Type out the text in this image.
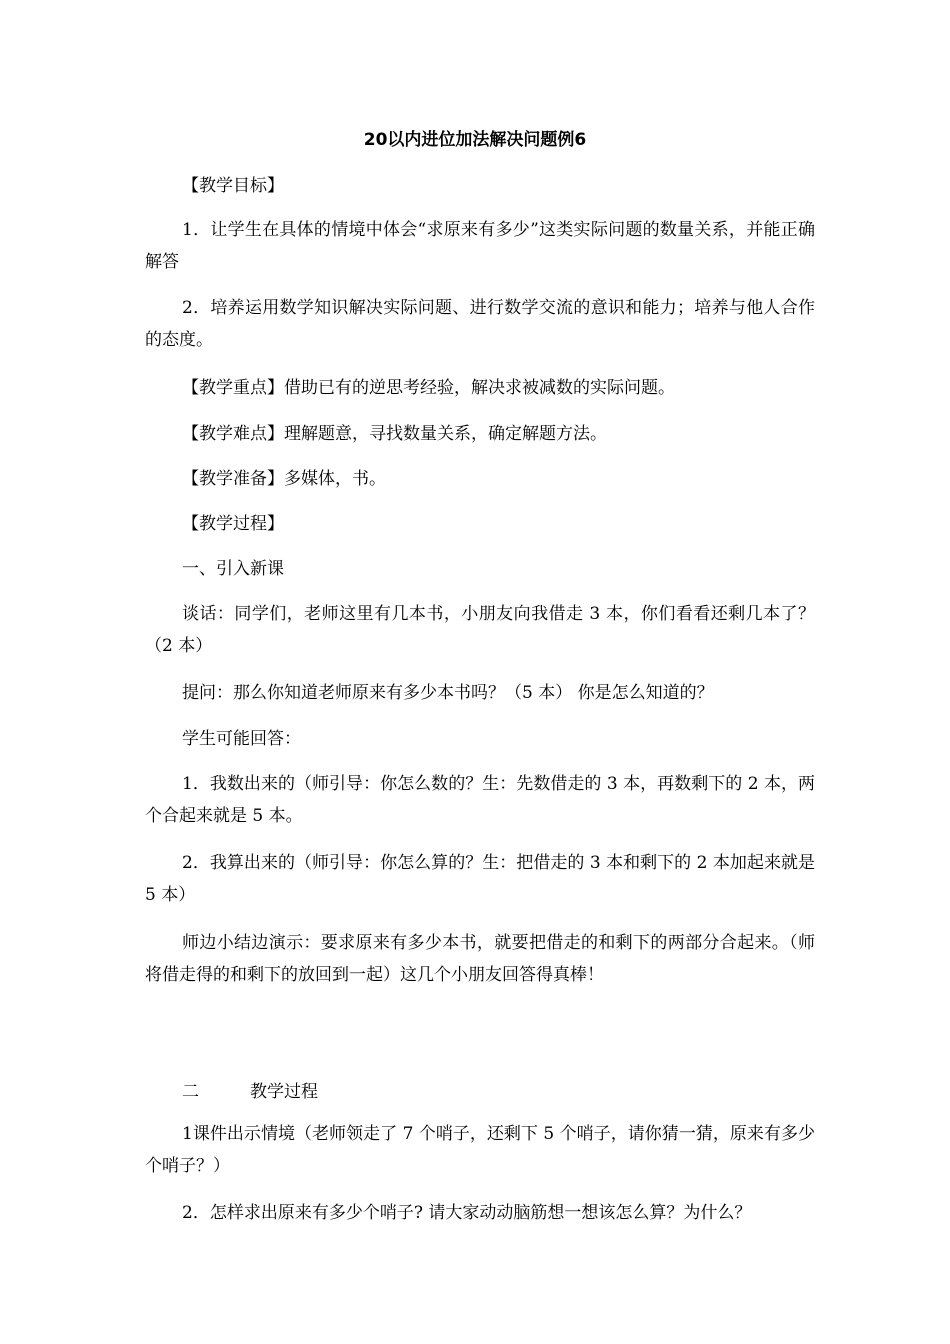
20以内进位加法解决问题例6
【教学目标】
1．让学生在具体的情境中体会“求原来有多少”这类实际问题的数量关系，并能正确解答
2．培养运用数学知识解决实际问题、进行数学交流的意识和能力；培养与他人合作的态度。
【教学重点】借助已有的逆思考经验，解决求被减数的实际问题。
【教学难点】理解题意，寻找数量关系，确定解题方法。
【教学准备】多媒体，书。
【教学过程】
一、引入新课
谈话：同学们，老师这里有几本书，小朋友向我借走 3 本，你们看看还剩几本了？（2 本）
提问：那么你知道老师原来有多少本书吗？（5 本） 你是怎么知道的？
学生可能回答：
1．我数出来的（师引导：你怎么数的？生：先数借走的 3 本，再数剩下的 2 本，两个合起来就是 5 本。
2．我算出来的（师引导：你怎么算的？生：把借走的 3 本和剩下的 2 本加起来就是 5 本）
师边小结边演示：要求原来有多少本书，就要把借走的和剩下的两部分合起来。（师将借走得的和剩下的放回到一起）这几个小朋友回答得真棒！
二	教学过程
1课件出示情境（老师领走了 7 个哨子，还剩下 5 个哨子，请你猜一猜，原来有多少个哨子？）
2．怎样求出原来有多少个哨子? 请大家动动脑筋想一想该怎么算？为什么？
